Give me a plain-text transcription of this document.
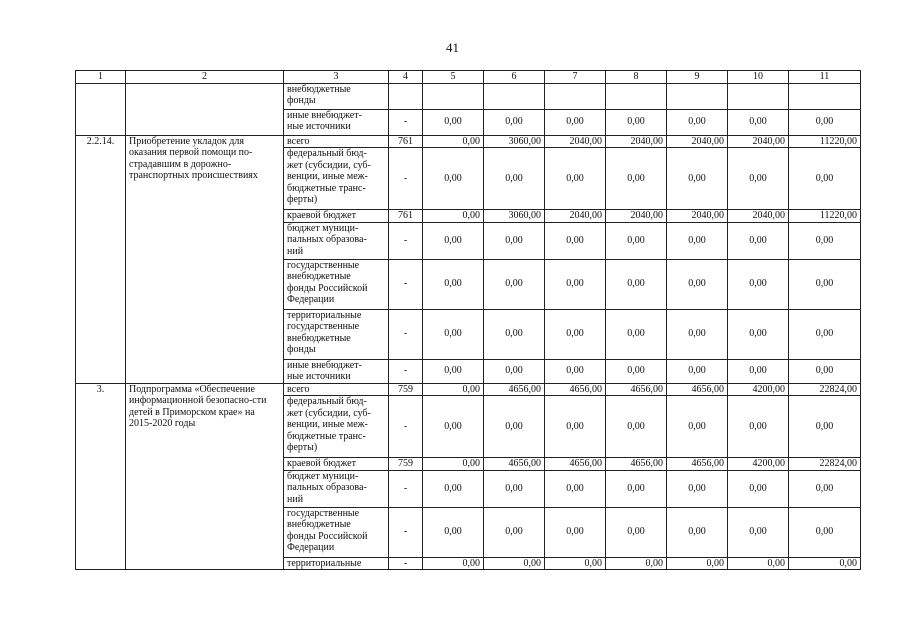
41
1	2	3	4	5	6	7	8	9	10	11
		внебюджетные
фонды								
		иные внебюджет-
ные источники	-	0,00	0,00	0,00	0,00	0,00	0,00	0,00
2.2.14.	Приобретение укладок для оказания первой помощи по-страдавшим в дорожно-транспортных происшествиях	всего	761	0,00	3060,00	2040,00	2040,00	2040,00	2040,00	11220,00
		федеральный бюд-
жет (субсидии, суб-
венции, иные меж-
бюджетные транс-
ферты)	-	0,00	0,00	0,00	0,00	0,00	0,00	0,00
		краевой бюджет	761	0,00	3060,00	2040,00	2040,00	2040,00	2040,00	11220,00
		бюджет муници-
пальных образова-
ний	-	0,00	0,00	0,00	0,00	0,00	0,00	0,00
		государственные
внебюджетные
фонды Российской
Федерации	-	0,00	0,00	0,00	0,00	0,00	0,00	0,00
		территориальные
государственные
внебюджетные
фонды	-	0,00	0,00	0,00	0,00	0,00	0,00	0,00
		иные внебюджет-
ные источники	-	0,00	0,00	0,00	0,00	0,00	0,00	0,00
3.	Подпрограмма «Обеспечение информационной безопасно-сти детей в Приморском крае» на 2015-2020 годы	всего	759	0,00	4656,00	4656,00	4656,00	4656,00	4200,00	22824,00
		федеральный бюд-
жет (субсидии, суб-
венции, иные меж-
бюджетные транс-
ферты)	-	0,00	0,00	0,00	0,00	0,00	0,00	0,00
		краевой бюджет	759	0,00	4656,00	4656,00	4656,00	4656,00	4200,00	22824,00
		бюджет муници-
пальных образова-
ний	-	0,00	0,00	0,00	0,00	0,00	0,00	0,00
		государственные
внебюджетные
фонды Российской
Федерации	-	0,00	0,00	0,00	0,00	0,00	0,00	0,00
		территориальные	-	0,00	0,00	0,00	0,00	0,00	0,00	0,00
